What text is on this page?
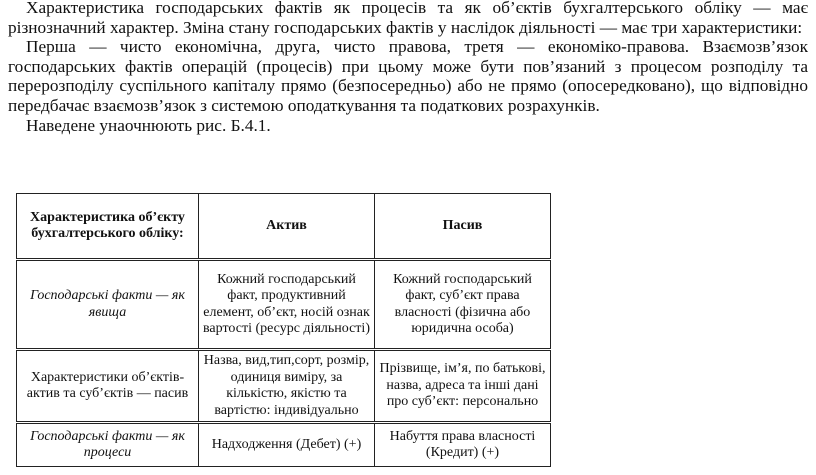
Характеристика господарських фактів як процесів та як об’єктів бухгалтерського обліку — має різнозначний характер. Зміна стану господарських фактів у наслідок діяльності — має три характеристики:

Перша — чисто економічна, друга, чисто правова, третя — економіко-правова. Взаємозв’язок господарських фактів операцій (процесів) при цьому може бути пов’язаний з процесом розподілу та перерозподілу суспільного капіталу прямо (безпосередньо) або не прямо (опосередковано), що відповідно передбачає взаємозв’язок з системою оподаткування та податкових розрахунків.

Наведене унаочнюють рис. Б.4.1.

Характеристика об’єкту бухгалтерського обліку:	Актив	Пасив
Господарські факти — як явища	Кожний господарський факт, продуктивний елемент, об’єкт, носій ознак вартості (ресурс діяльності)	Кожний господарський факт, суб’єкт права власності (фізична або юридична особа)
Характеристики об’єктів-актив та суб’єктів — пасив	Назва, вид,тип,сорт, розмір, одиниця виміру, за кількістю, якістю та вартістю: індивідуально	Прізвище, ім’я, по батькові, назва, адреса та інші дані про суб’єкт: персонально
Господарські факти — як процеси	Надходження (Дебет) (+)	Набуття права власності (Кредит) (+)
